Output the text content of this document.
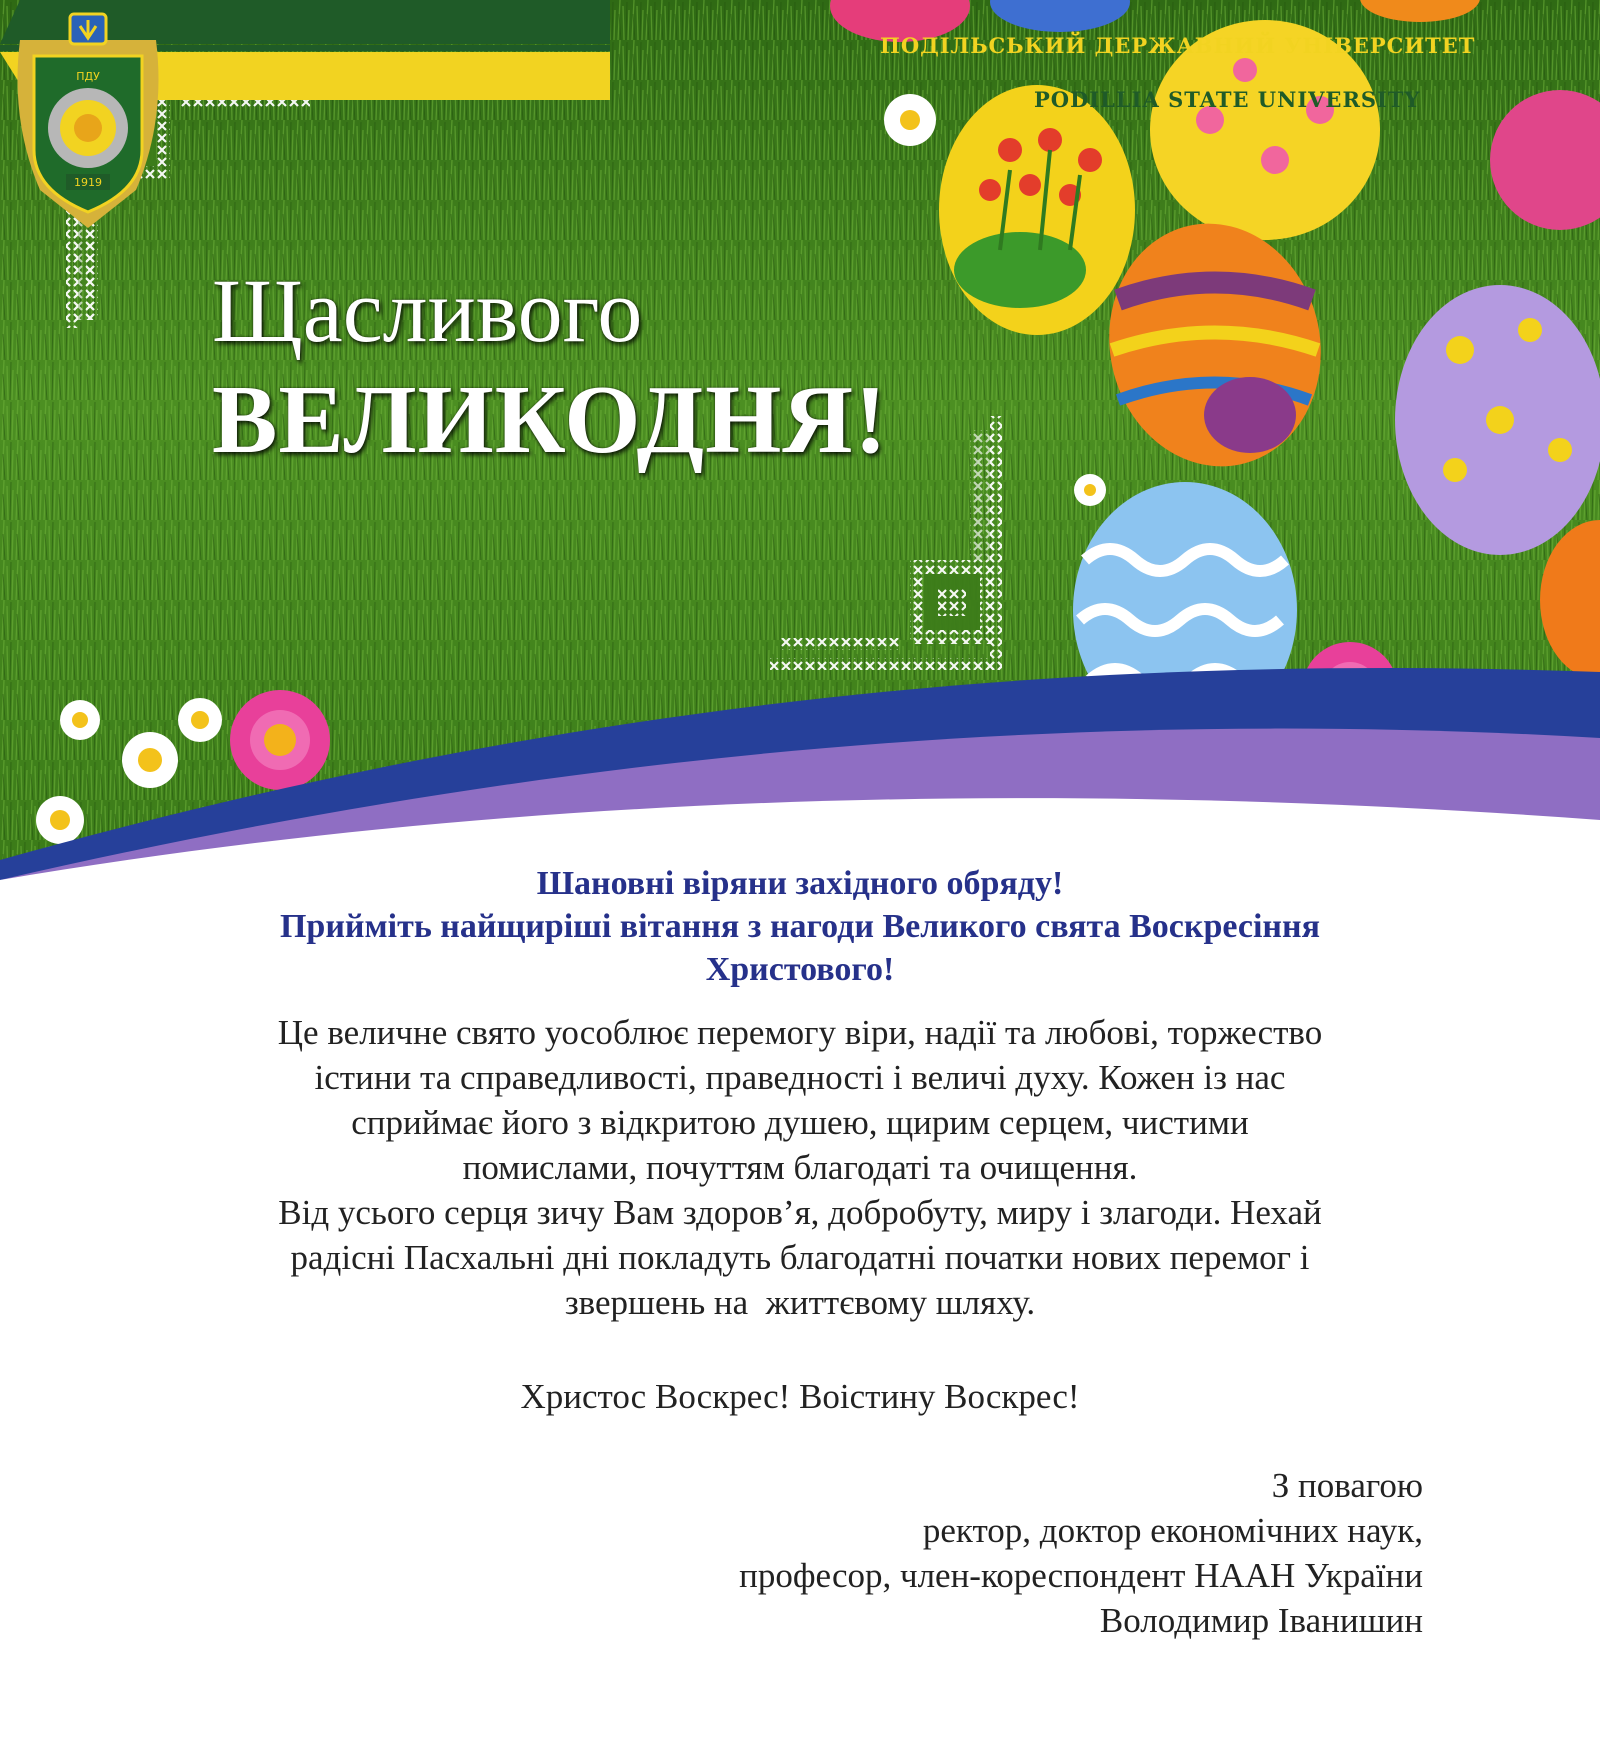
ПОДІЛЬСЬКИЙ ДЕРЖАВНИЙ УНІВЕРСИТЕТ
PODILLIA STATE UNIVERSITY
ПДУ
1919
Щасливого
ВЕЛИКОДНЯ!
Шановні віряни західного обряду!
Прийміть найщиріші вітання з нагоди Великого свята Воскресіння
Христового!

Це величне свято уособлює перемогу віри, надії та любові, торжество

істини та справедливості, праведності і величі духу. Кожен із нас

сприймає його з відкритою душею, щирим серцем, чистими

помислами, почуттям благодаті та очищення.

Від усього серця зичу Вам здоров’я, добробуту, миру і злагоди. Нехай

радісні Пасхальні дні покладуть благодатні початки нових перемог і

звершень на  життєвому шляху.

Христос Воскрес! Воістину Воскрес!
З повагою
ректор, доктор економічних наук,
професор, член-кореспондент НААН України
Володимир Іванишин
